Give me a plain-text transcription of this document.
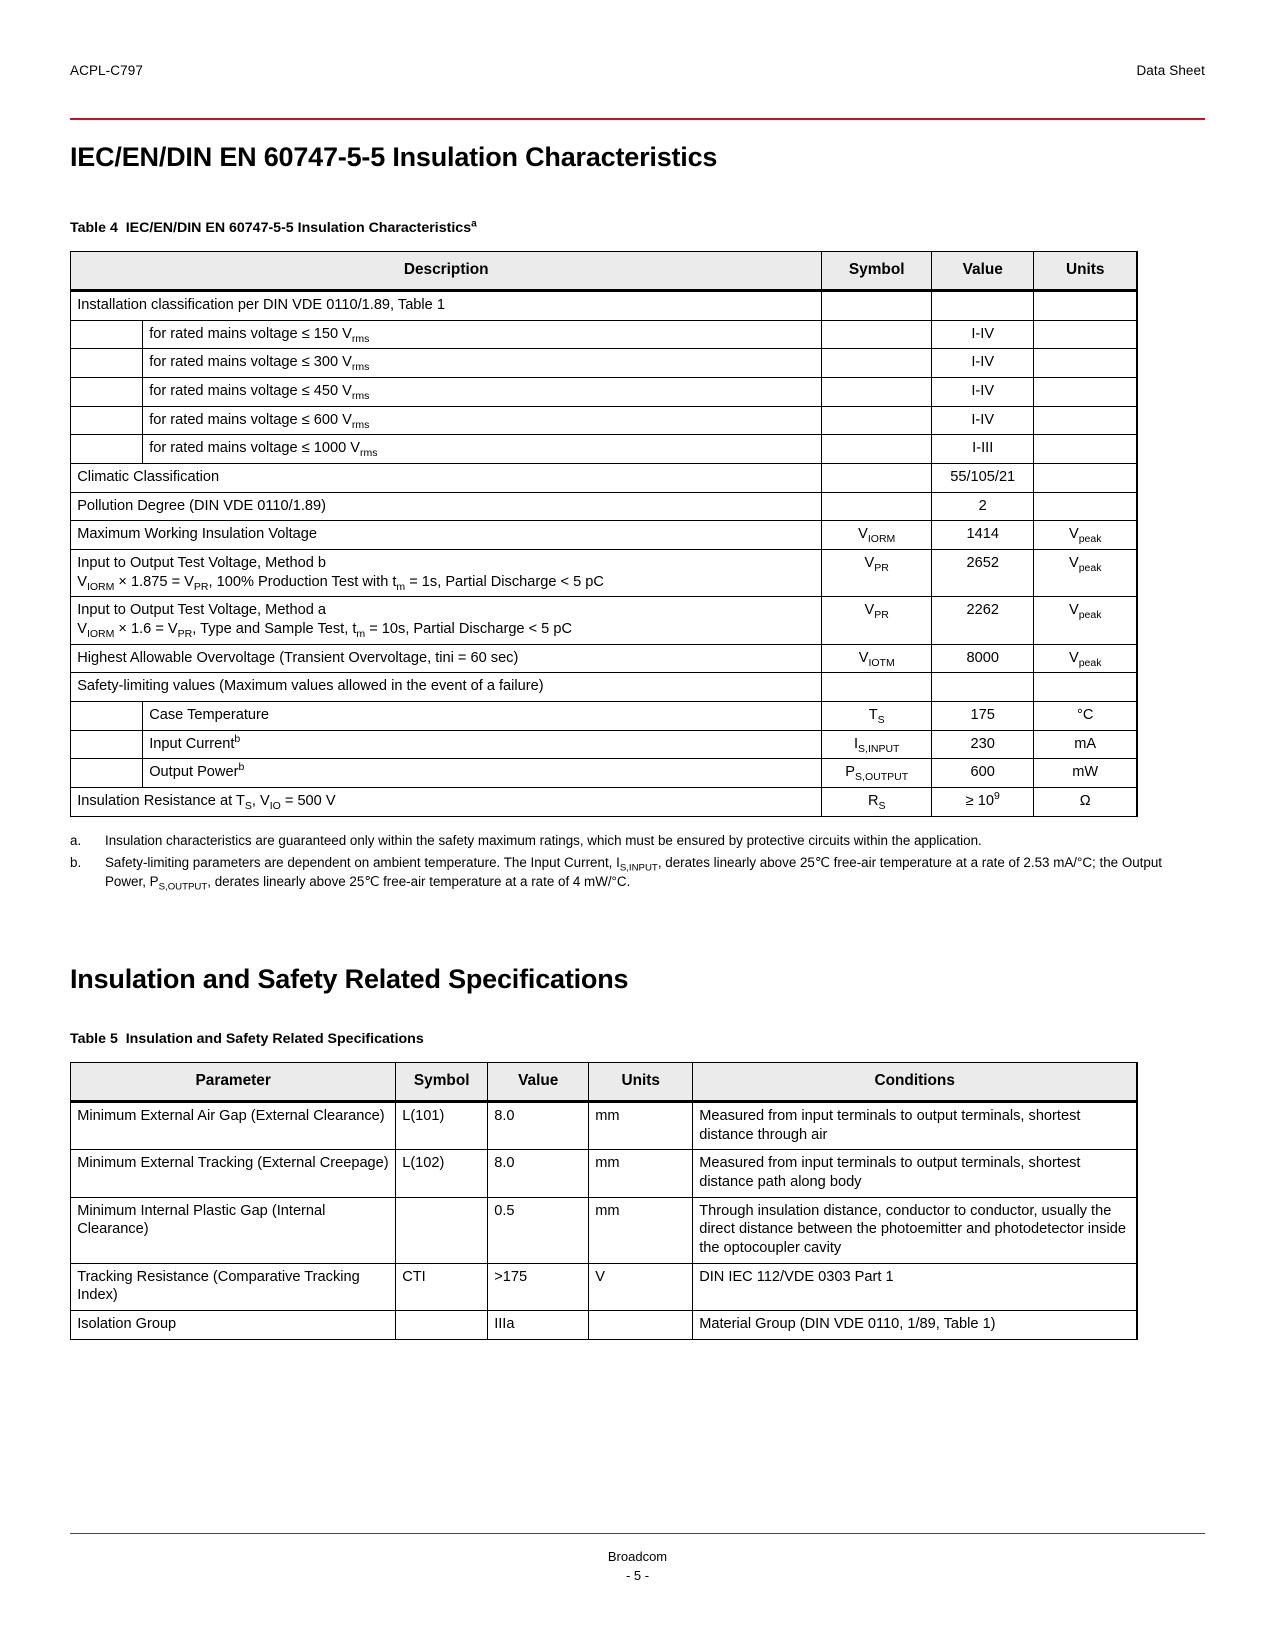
ACPL-C797	Data Sheet
IEC/EN/DIN EN 60747-5-5 Insulation Characteristics
Table 4 IEC/EN/DIN EN 60747-5-5 Insulation Characteristics$^a$
Description		Symbol	Value	Units
Installation classification per DIN VDE 0110/1.89, Table 1				
	for rated mains voltage ≤ 150 $V_{rms}$		I-IV	
	for rated mains voltage ≤ 300 $V_{rms}$		I-IV	
	for rated mains voltage ≤ 450 $V_{rms}$		I-IV	
	for rated mains voltage ≤ 600 $V_{rms}$		I-IV	
	for rated mains voltage ≤ 1000 $V_{rms}$		I-III	
Climatic Classification			55/105/21	
Pollution Degree (DIN VDE 0110/1.89)			2	
Maximum Working Insulation Voltage		$V_{IORM}$	1414	$V_{peak}$

Input to Output Test Voltage, Method b
$V_{IORM} \times 1.875 = V_{PR}$, 100% Production Test with $t_m = 1s$, Partial Discharge < 5 pC		$V_{PR}$	2652	$V_{peak}$

Input to Output Test Voltage, Method a
$V_{IORM} \times 1.6 = V_{PR}$, Type and Sample Test, $t_m = 10s$, Partial Discharge < 5 pC		$V_{PR}$	2262	$V_{peak}$
Highest Allowable Overvoltage (Transient Overvoltage, tini = 60 sec)		$V_{IOTM}$	8000	$V_{peak}$
Safety-limiting values (Maximum values allowed in the event of a failure)				
	Case Temperature	$T_S$	175	°C
	Input Current$^b$	$I_{S,INPUT}$	230	mA
	Output Power$^b$	$P_{S,OUTPUT}$	600	mW
Insulation Resistance at $T_S$, $V_{IO} = 500$ V		$R_S$	≥ $10^9$	Ω
a.	Insulation characteristics are guaranteed only within the safety maximum ratings, which must be ensured by protective circuits within the application.
b.	Safety-limiting parameters are dependent on ambient temperature. The Input Current, $I_{S,INPUT}$, derates linearly above 25℃ free-air temperature at a rate of 2.53 mA/°C; the Output Power, $P_{S,OUTPUT}$, derates linearly above 25℃ free-air temperature at a rate of 4 mW/°C.
Insulation and Safety Related Specifications
Table 5 Insulation and Safety Related Specifications
Parameter	Symbol	Value	Units	Conditions
Minimum External Air Gap (External Clearance)	L(101)	8.0	mm	Measured from input terminals to output terminals, shortest distance through air
Minimum External Tracking (External Creepage)	L(102)	8.0	mm	Measured from input terminals to output terminals, shortest distance path along body
Minimum Internal Plastic Gap (Internal Clearance)		0.5	mm	Through insulation distance, conductor to conductor, usually the direct distance between the photoemitter and photodetector inside the optocoupler cavity
Tracking Resistance (Comparative Tracking Index)	CTI	>175	V	DIN IEC 112/VDE 0303 Part 1
Isolation Group		IIIa		Material Group (DIN VDE 0110, 1/89, Table 1)
Broadcom
- 5 -
